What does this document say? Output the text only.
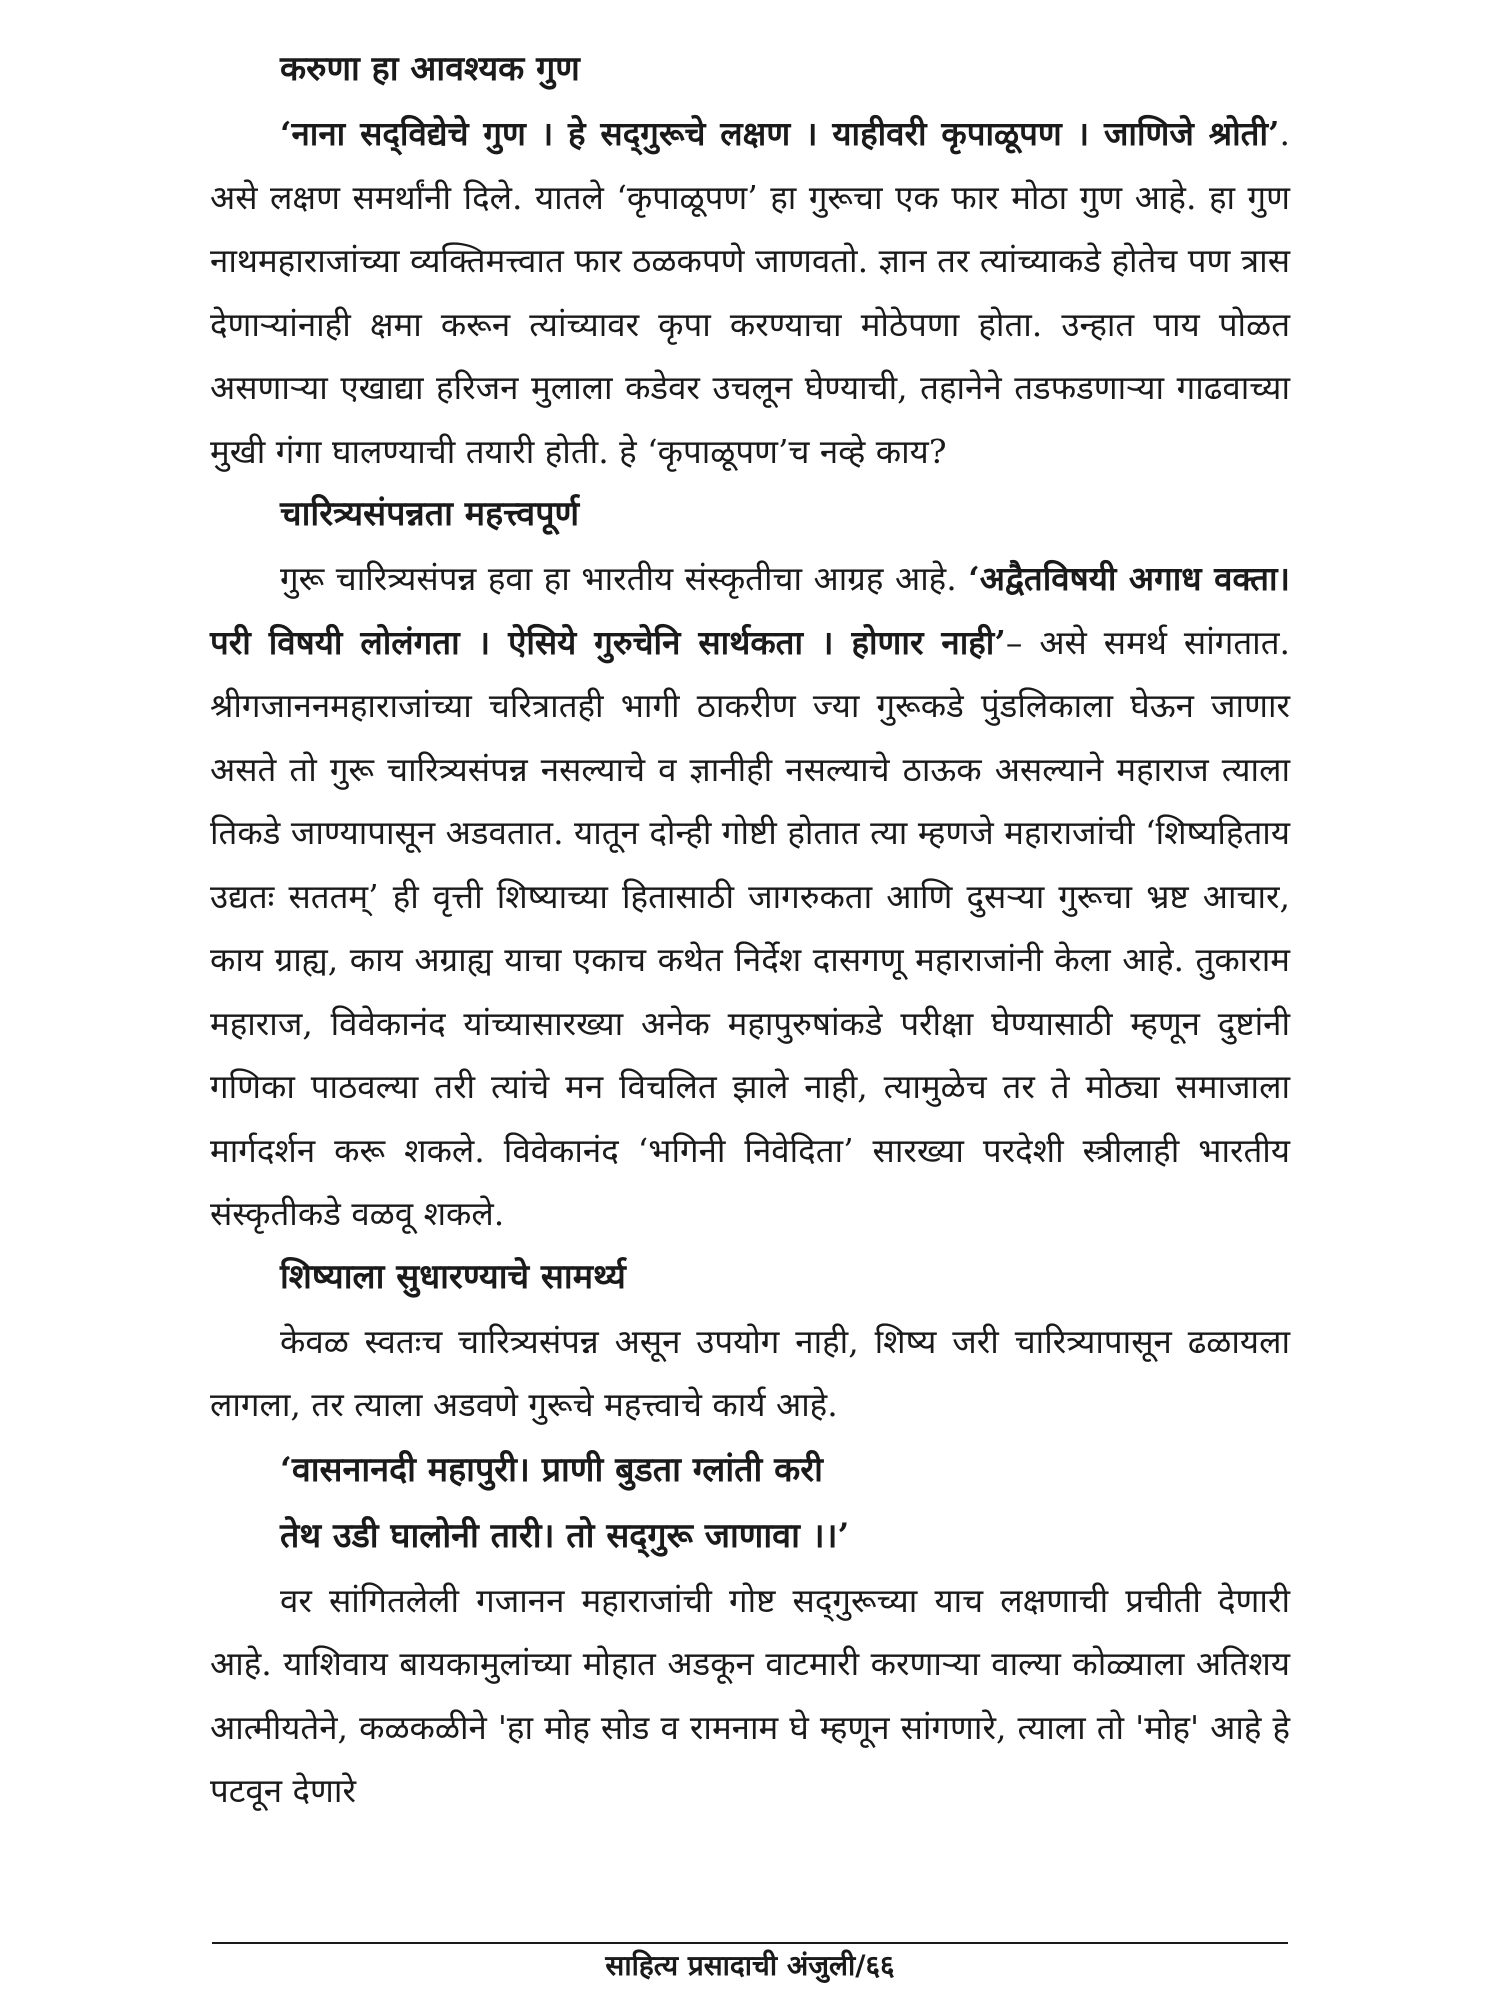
करुणा हा आवश्यक गुण

‘नाना सद्‌विद्येचे गुण । हे सद्‌गुरूचे लक्षण । याहीवरी कृपाळूपण । जाणिजे श्रोती’. असे लक्षण समर्थांनी दिले. यातले ‘कृपाळूपण’ हा गुरूचा एक फार मोठा गुण आहे. हा गुण नाथमहाराजांच्या व्यक्तिमत्त्वात फार ठळकपणे जाणवतो. ज्ञान तर त्यांच्याकडे होतेच पण त्रास देणाऱ्यांनाही क्षमा करून त्यांच्यावर कृपा करण्याचा मोठेपणा होता. उन्हात पाय पोळत असणाऱ्या एखाद्या हरिजन मुलाला कडेवर उचलून घेण्याची, तहानेने तडफडणाऱ्या गाढवाच्या मुखी गंगा घालण्याची तयारी होती. हे ‘कृपाळूपण’च नव्हे काय?

चारित्र्यसंपन्नता महत्त्वपूर्ण

गुरू चारित्र्यसंपन्न हवा हा भारतीय संस्कृतीचा आग्रह आहे. ‘अद्वैतविषयी अगाध वक्ता। परी विषयी लोलंगता । ऐसिये गुरुचेनि सार्थकता । होणार नाही’– असे समर्थ सांगतात. श्रीगजाननमहाराजांच्या चरित्रातही भागी ठाकरीण ज्या गुरूकडे पुंडलिकाला घेऊन जाणार असते तो गुरू चारित्र्यसंपन्न नसल्याचे व ज्ञानीही नसल्याचे ठाऊक असल्याने महाराज त्याला तिकडे जाण्यापासून अडवतात. यातून दोन्ही गोष्टी होतात त्या म्हणजे महाराजांची ‘शिष्यहिताय उद्यतः सततम्’ ही वृत्ती शिष्याच्या हितासाठी जागरुकता आणि दुसऱ्या गुरूचा भ्रष्ट आचार, काय ग्राह्य, काय अग्राह्य याचा एकाच कथेत निर्देश दासगणू महाराजांनी केला आहे. तुकाराम महाराज, विवेकानंद यांच्यासारख्या अनेक महापुरुषांकडे परीक्षा घेण्यासाठी म्हणून दुष्टांनी गणिका पाठवल्या तरी त्यांचे मन विचलित झाले नाही, त्यामुळेच तर ते मोठ्या समाजाला मार्गदर्शन करू शकले. विवेकानंद ‘भगिनी निवेदिता’ सारख्या परदेशी स्त्रीलाही भारतीय संस्कृतीकडे वळवू शकले.

शिष्याला सुधारण्याचे सामर्थ्य

केवळ स्वतःच चारित्र्यसंपन्न असून उपयोग नाही, शिष्य जरी चारित्र्यापासून ढळायला लागला, तर त्याला अडवणे गुरूचे महत्त्वाचे कार्य आहे.

‘वासनानदी महापुरी। प्राणी बुडता ग्लांती करी
तेथ उडी घालोनी तारी। तो सद्‌गुरू जाणावा ।।’

वर सांगितलेली गजानन महाराजांची गोष्ट सद्‌गुरूच्या याच लक्षणाची प्रचीती देणारी आहे. याशिवाय बायकामुलांच्या मोहात अडकून वाटमारी करणाऱ्या वाल्या कोळ्याला अतिशय आत्मीयतेने, कळकळीने 'हा मोह सोड व रामनाम घे म्हणून सांगणारे, त्याला तो 'मोह' आहे हे पटवून देणारे

साहित्य प्रसादाची अंजुली/६६
